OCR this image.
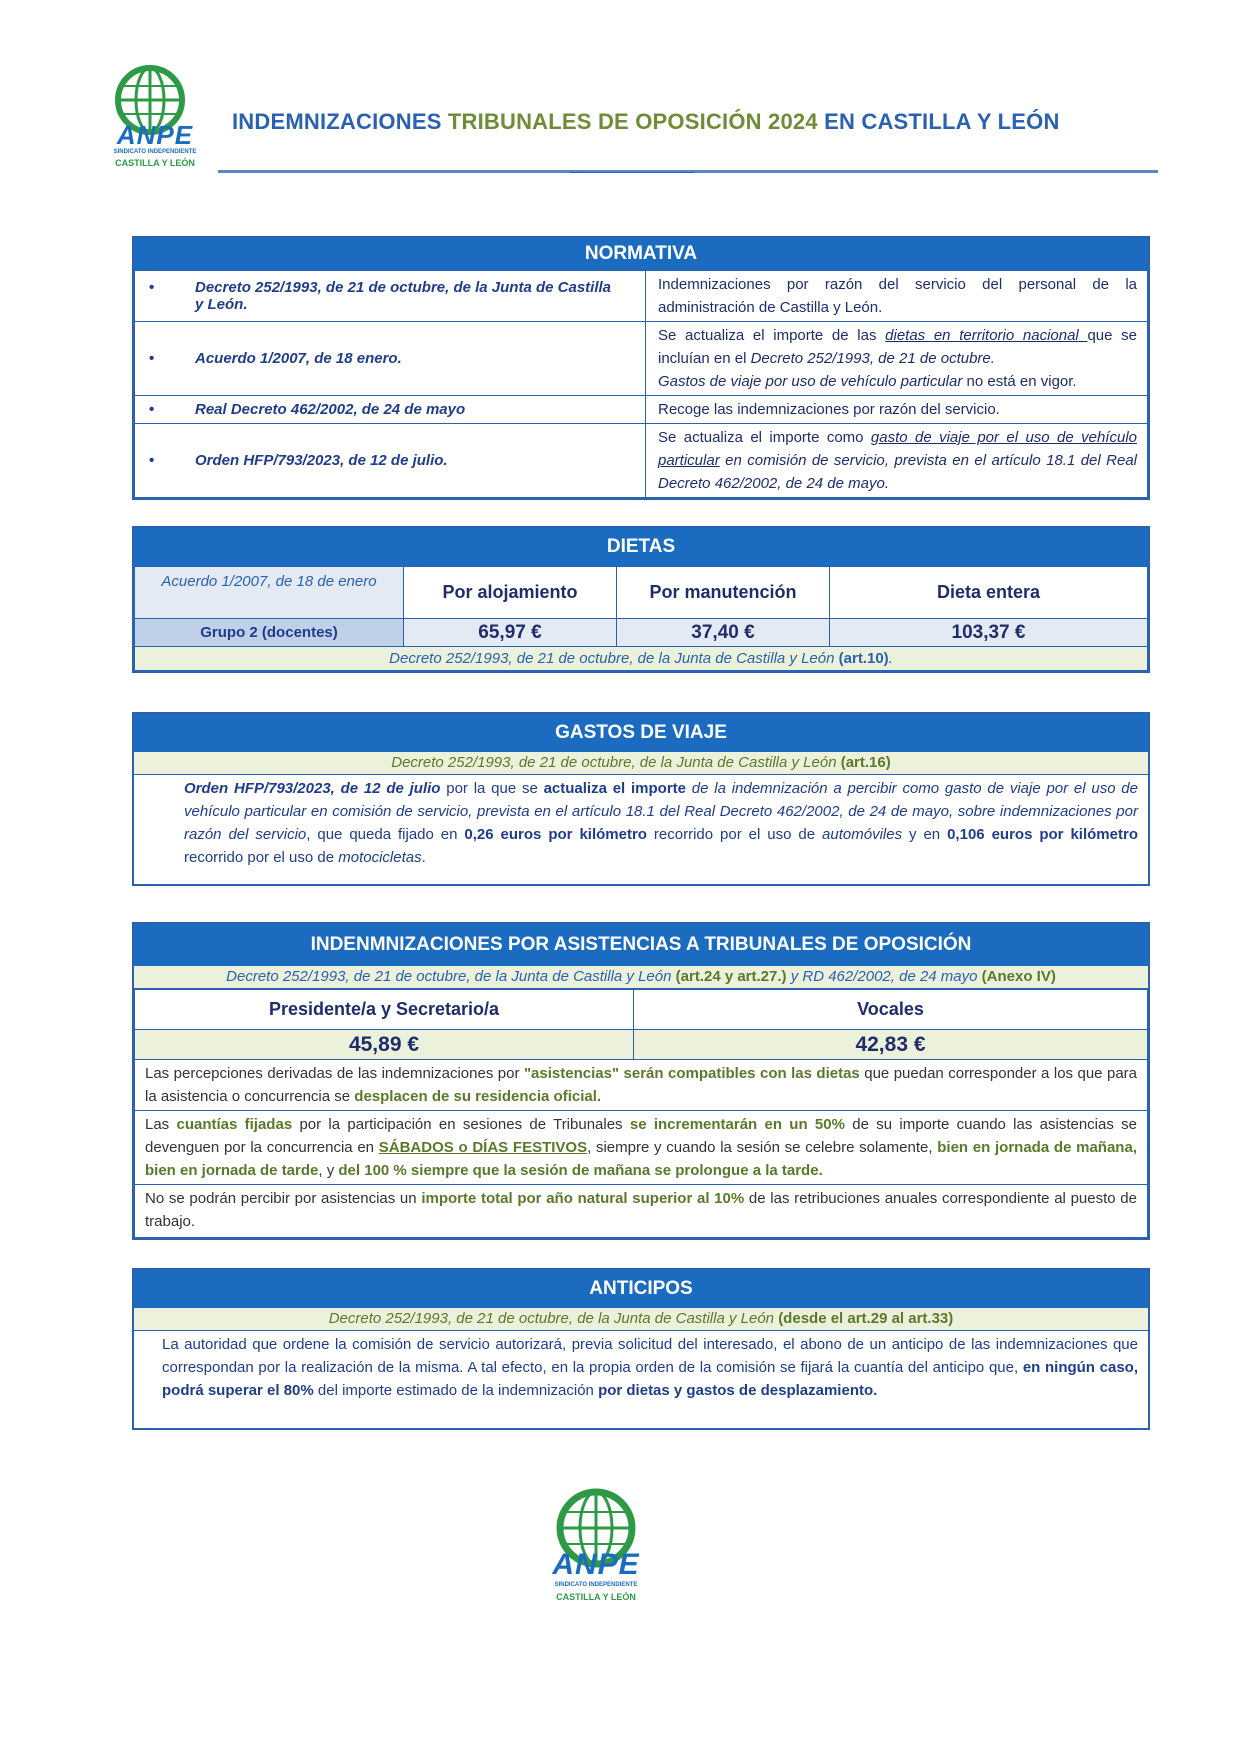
ANPE
SINDICATO INDEPENDIENTE
CASTILLA Y LEÓN
INDEMNIZACIONES TRIBUNALES DE OPOSICIÓN 2024 EN CASTILLA Y LEÓN
NORMATIVA
• Decreto 252/1993, de 21 de octubre, de la Junta de Castilla y León.	Indemnizaciones por razón del servicio del personal de la administración de Castilla y León.
• Acuerdo 1/2007, de 18 enero.	Se actualiza el importe de las dietas en territorio nacional que se incluían en el Decreto 252/1993, de 21 de octubre.
Gastos de viaje por uso de vehículo particular no está en vigor.
• Real Decreto 462/2002, de 24 de mayo	Recoge las indemnizaciones por razón del servicio.
• Orden HFP/793/2023, de 12 de julio.	Se actualiza el importe como gasto de viaje por el uso de vehículo particular en comisión de servicio, prevista en el artículo 18.1 del Real Decreto 462/2002, de 24 de mayo.
DIETAS
Acuerdo 1/2007, de 18 de enero	Por alojamiento	Por manutención	Dieta entera
Grupo 2 (docentes)	65,97 €	37,40 €	103,37 €
Decreto 252/1993, de 21 de octubre, de la Junta de Castilla y León (art.10).			
GASTOS DE VIAJE
Decreto 252/1993, de 21 de octubre, de la Junta de Castilla y León (art.16)
Orden HFP/793/2023, de 12 de julio por la que se actualiza el importe de la indemnización a percibir como gasto de viaje por el uso de vehículo particular en comisión de servicio, prevista en el artículo 18.1 del Real Decreto 462/2002, de 24 de mayo, sobre indemnizaciones por razón del servicio, que queda fijado en 0,26 euros por kilómetro recorrido por el uso de automóviles y en 0,106 euros por kilómetro recorrido por el uso de motocicletas.
INDENMNIZACIONES POR ASISTENCIAS A TRIBUNALES DE OPOSICIÓN
Decreto 252/1993, de 21 de octubre, de la Junta de Castilla y León (art.24 y art.27.) y RD 462/2002, de 24 mayo (Anexo IV)
Presidente/a y Secretario/a	Vocales
45,89 €	42,83 €
Las percepciones derivadas de las indemnizaciones por "asistencias" serán compatibles con las dietas que puedan corresponder a los que para la asistencia o concurrencia se desplacen de su residencia oficial.	
Las cuantías fijadas por la participación en sesiones de Tribunales se incrementarán en un 50% de su importe cuando las asistencias se devenguen por la concurrencia en SÁBADOS o DÍAS FESTIVOS, siempre y cuando la sesión se celebre solamente, bien en jornada de mañana, bien en jornada de tarde, y del 100 % siempre que la sesión de mañana se prolongue a la tarde.	
No se podrán percibir por asistencias un importe total por año natural superior al 10% de las retribuciones anuales correspondiente al puesto de trabajo.	
ANTICIPOS
Decreto 252/1993, de 21 de octubre, de la Junta de Castilla y León (desde el art.29 al art.33)
La autoridad que ordene la comisión de servicio autorizará, previa solicitud del interesado, el abono de un anticipo de las indemnizaciones que correspondan por la realización de la misma. A tal efecto, en la propia orden de la comisión se fijará la cuantía del anticipo que, en ningún caso, podrá superar el 80% del importe estimado de la indemnización por dietas y gastos de desplazamiento.
ANPE
SINDICATO INDEPENDIENTE
CASTILLA Y LEÓN
